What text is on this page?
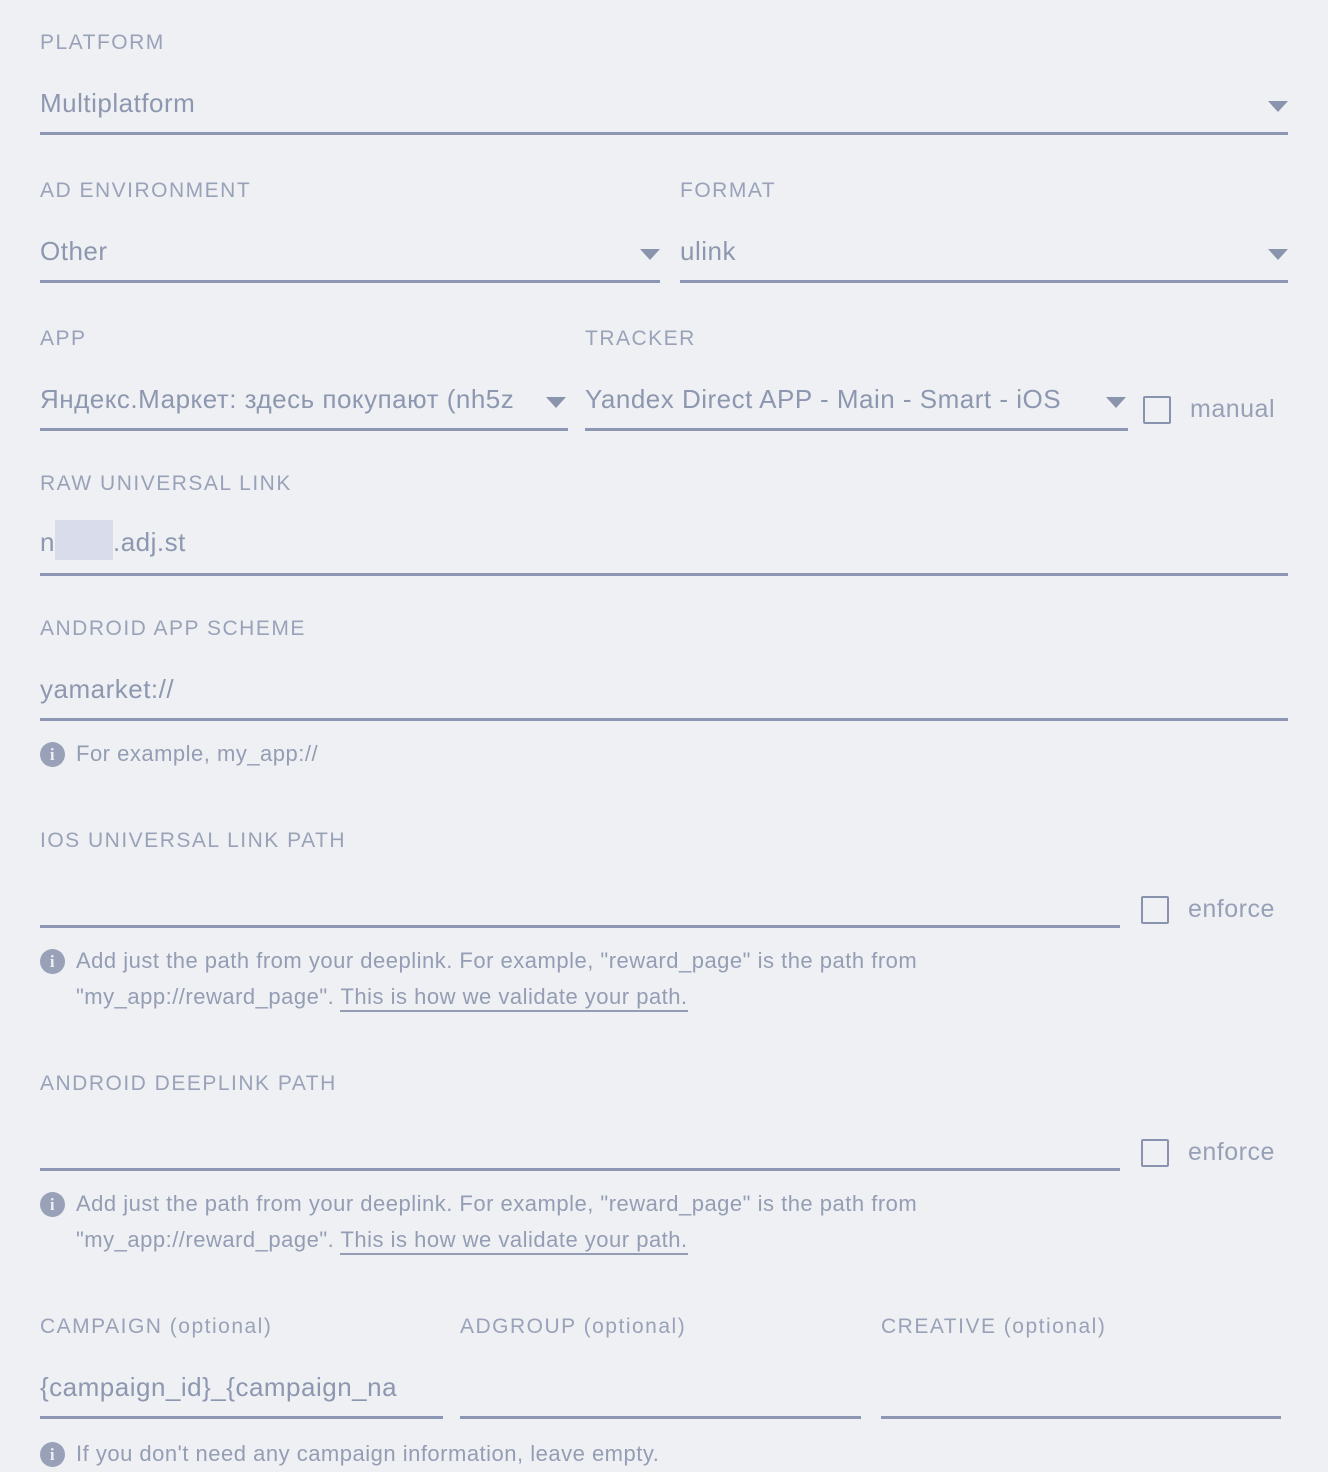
PLATFORM
Multiplatform
AD ENVIRONMENT
Other
FORMAT
ulink
APP
Яндекс.Маркет: здесь покупают (nh5z
TRACKER
Yandex Direct APP - Main - Smart - iOS	manual
RAW UNIVERSAL LINK
n .adj.st
ANDROID APP SCHEME
yamarket://
i For example, my_app://
IOS UNIVERSAL LINK PATH
enforce
i Add just the path from your deeplink. For example, "reward_page" is the path from
"my_app://reward_page". This is how we validate your path.
ANDROID DEEPLINK PATH
enforce
i Add just the path from your deeplink. For example, "reward_page" is the path from
"my_app://reward_page". This is how we validate your path.
CAMPAIGN (optional)
{campaign_id}_{campaign_na
ADGROUP (optional)	CREATIVE (optional)
i If you don't need any campaign information, leave empty.
